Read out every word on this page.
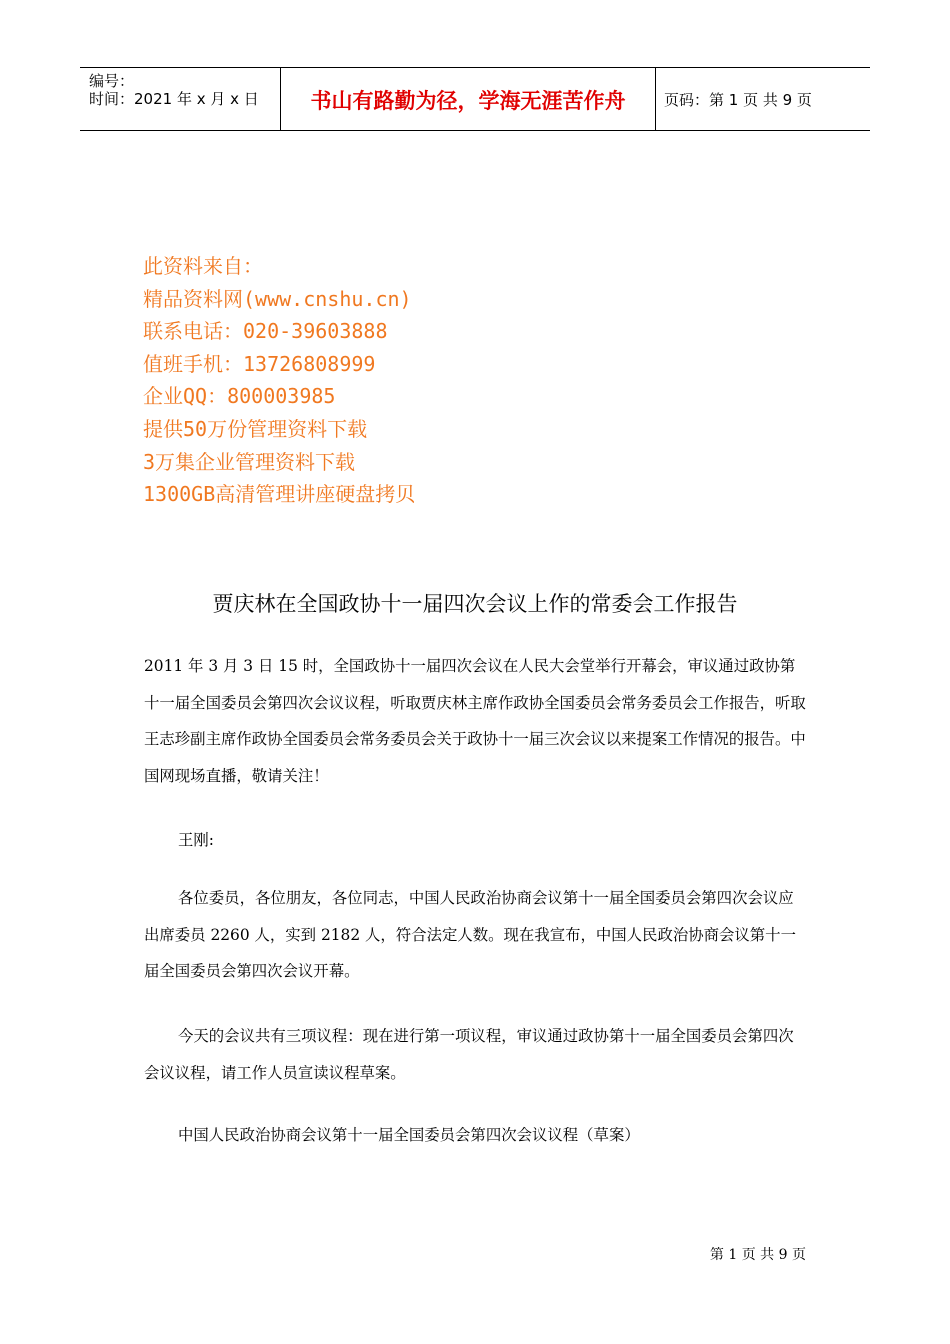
编号：
时间：2021 年 x 月 x 日	书山有路勤为径，学海无涯苦作舟	页码：第 1 页 共 9 页
此资料来自：
精品资料网(www.cnshu.cn)
联系电话：020-39603888
值班手机：13726808999
企业QQ：800003985
提供50万份管理资料下载
3万集企业管理资料下载
1300GB高清管理讲座硬盘拷贝
贾庆林在全国政协十一届四次会议上作的常委会工作报告
2011 年 3 月 3 日 15 时，全国政协十一届四次会议在人民大会堂举行开幕会，审议通过政协第十一届全国委员会第四次会议议程，听取贾庆林主席作政协全国委员会常务委员会工作报告，听取王志珍副主席作政协全国委员会常务委员会关于政协十一届三次会议以来提案工作情况的报告。中国网现场直播，敬请关注！
王刚:
各位委员，各位朋友，各位同志，中国人民政治协商会议第十一届全国委员会第四次会议应出席委员 2260 人，实到 2182 人，符合法定人数。现在我宣布，中国人民政治协商会议第十一届全国委员会第四次会议开幕。
今天的会议共有三项议程：现在进行第一项议程，审议通过政协第十一届全国委员会第四次会议议程，请工作人员宣读议程草案。
中国人民政治协商会议第十一届全国委员会第四次会议议程（草案）
第 1 页 共 9 页
